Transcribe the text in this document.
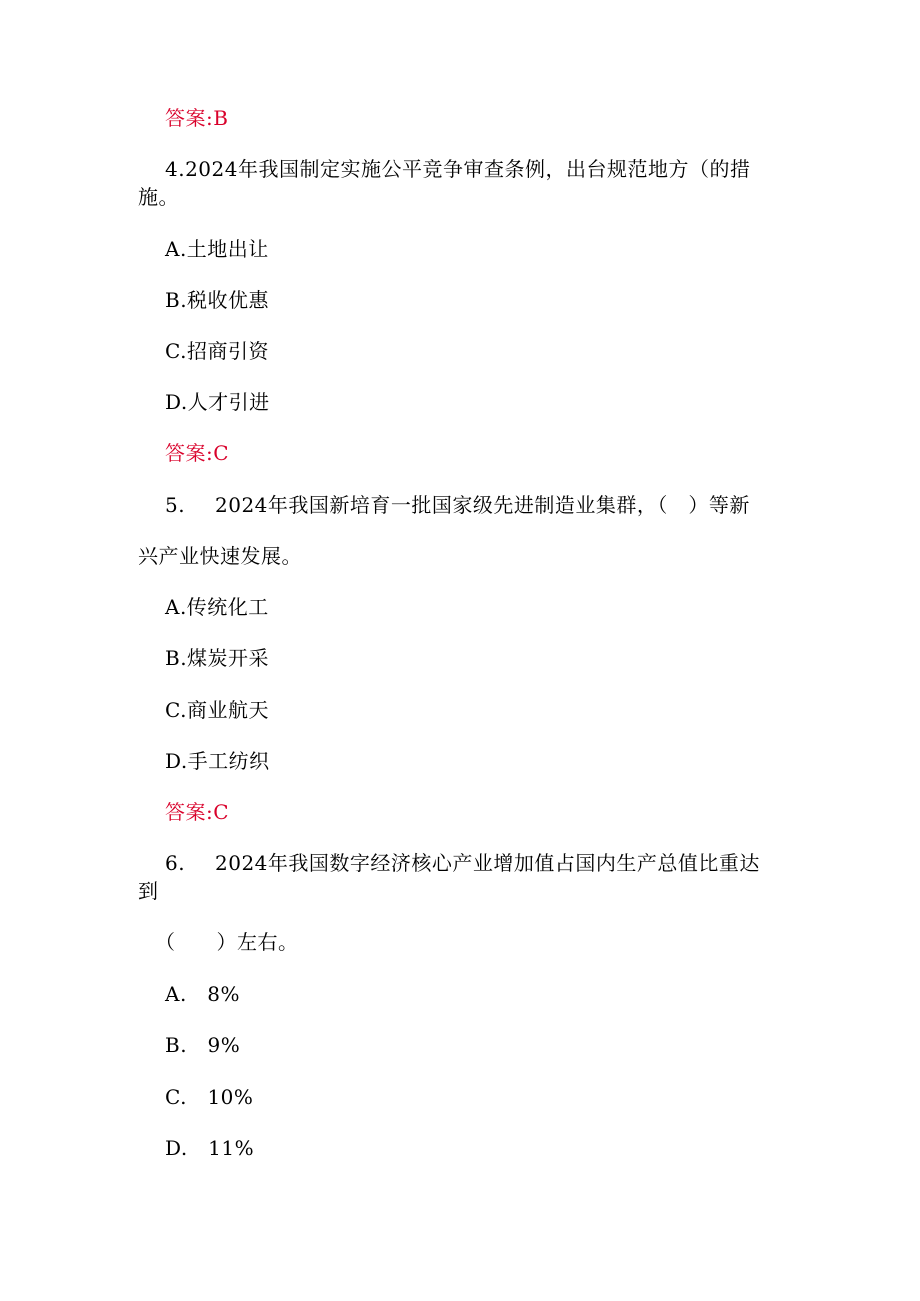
答案:B
4.2024年我国制定实施公平竞争审查条例，出台规范地方（的措
施。
A.土地出让
B.税收优惠
C.招商引资
D.人才引进
答案:C
5. 2024年我国新培育一批国家级先进制造业集群，（　）等新
兴产业快速发展。
A.传统化工
B.煤炭开采
C.商业航天
D.手工纺织
答案:C
6. 2024年我国数字经济核心产业增加值占国内生产总值比重达
到
（　　）左右。
A.　8%
B.　9%
C.　10%
D.　11%
